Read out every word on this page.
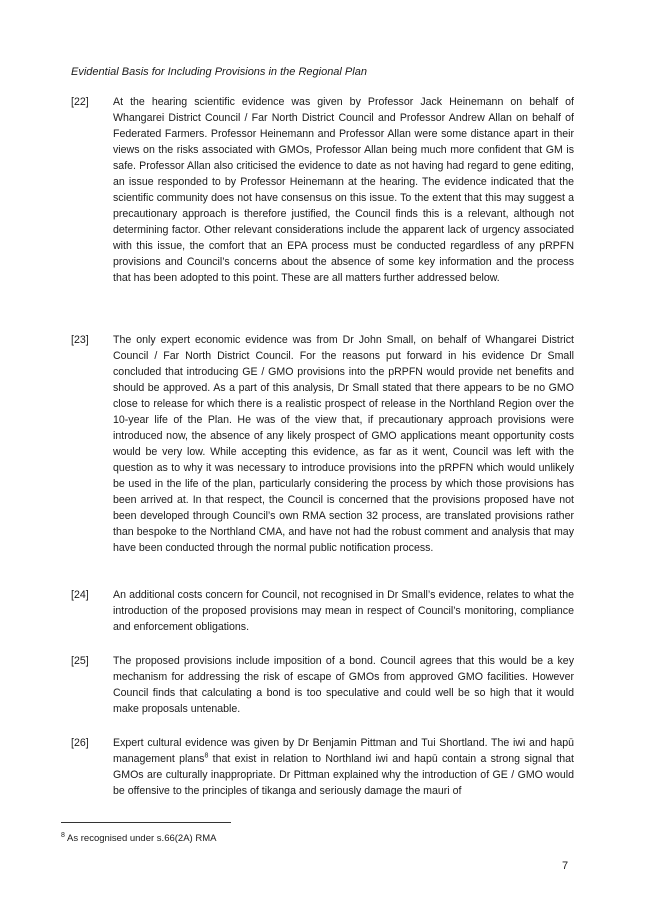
Evidential Basis for Including Provisions in the Regional Plan

[22]	At the hearing scientific evidence was given by Professor Jack Heinemann on behalf of Whangarei District Council / Far North District Council and Professor Andrew Allan on behalf of Federated Farmers. Professor Heinemann and Professor Allan were some distance apart in their views on the risks associated with GMOs, Professor Allan being much more confident that GM is safe. Professor Allan also criticised the evidence to date as not having had regard to gene editing, an issue responded to by Professor Heinemann at the hearing. The evidence indicated that the scientific community does not have consensus on this issue. To the extent that this may suggest a precautionary approach is therefore justified, the Council finds this is a relevant, although not determining factor. Other relevant considerations include the apparent lack of urgency associated with this issue, the comfort that an EPA process must be conducted regardless of any pRPFN provisions and Council’s concerns about the absence of some key information and the process that has been adopted to this point. These are all matters further addressed below.
[23]	The only expert economic evidence was from Dr John Small, on behalf of Whangarei District Council / Far North District Council. For the reasons put forward in his evidence Dr Small concluded that introducing GE / GMO provisions into the pRPFN would provide net benefits and should be approved. As a part of this analysis, Dr Small stated that there appears to be no GMO close to release for which there is a realistic prospect of release in the Northland Region over the 10-year life of the Plan. He was of the view that, if precautionary approach provisions were introduced now, the absence of any likely prospect of GMO applications meant opportunity costs would be very low. While accepting this evidence, as far as it went, Council was left with the question as to why it was necessary to introduce provisions into the pRPFN which would unlikely be used in the life of the plan, particularly considering the process by which those provisions has been arrived at. In that respect, the Council is concerned that the provisions proposed have not been developed through Council’s own RMA section 32 process, are translated provisions rather than bespoke to the Northland CMA, and have not had the robust comment and analysis that may have been conducted through the normal public notification process.
[24]	An additional costs concern for Council, not recognised in Dr Small’s evidence, relates to what the introduction of the proposed provisions may mean in respect of Council’s monitoring, compliance and enforcement obligations.
[25]	The proposed provisions include imposition of a bond. Council agrees that this would be a key mechanism for addressing the risk of escape of GMOs from approved GMO facilities. However Council finds that calculating a bond is too speculative and could well be so high that it would make proposals untenable.
[26]	Expert cultural evidence was given by Dr Benjamin Pittman and Tui Shortland. The iwi and hapū management plans$^8$ that exist in relation to Northland iwi and hapū contain a strong signal that GMOs are culturally inappropriate. Dr Pittman explained why the introduction of GE / GMO would be offensive to the principles of tikanga and seriously damage the mauri of
$^8$ As recognised under s.66(2A) RMA
7
